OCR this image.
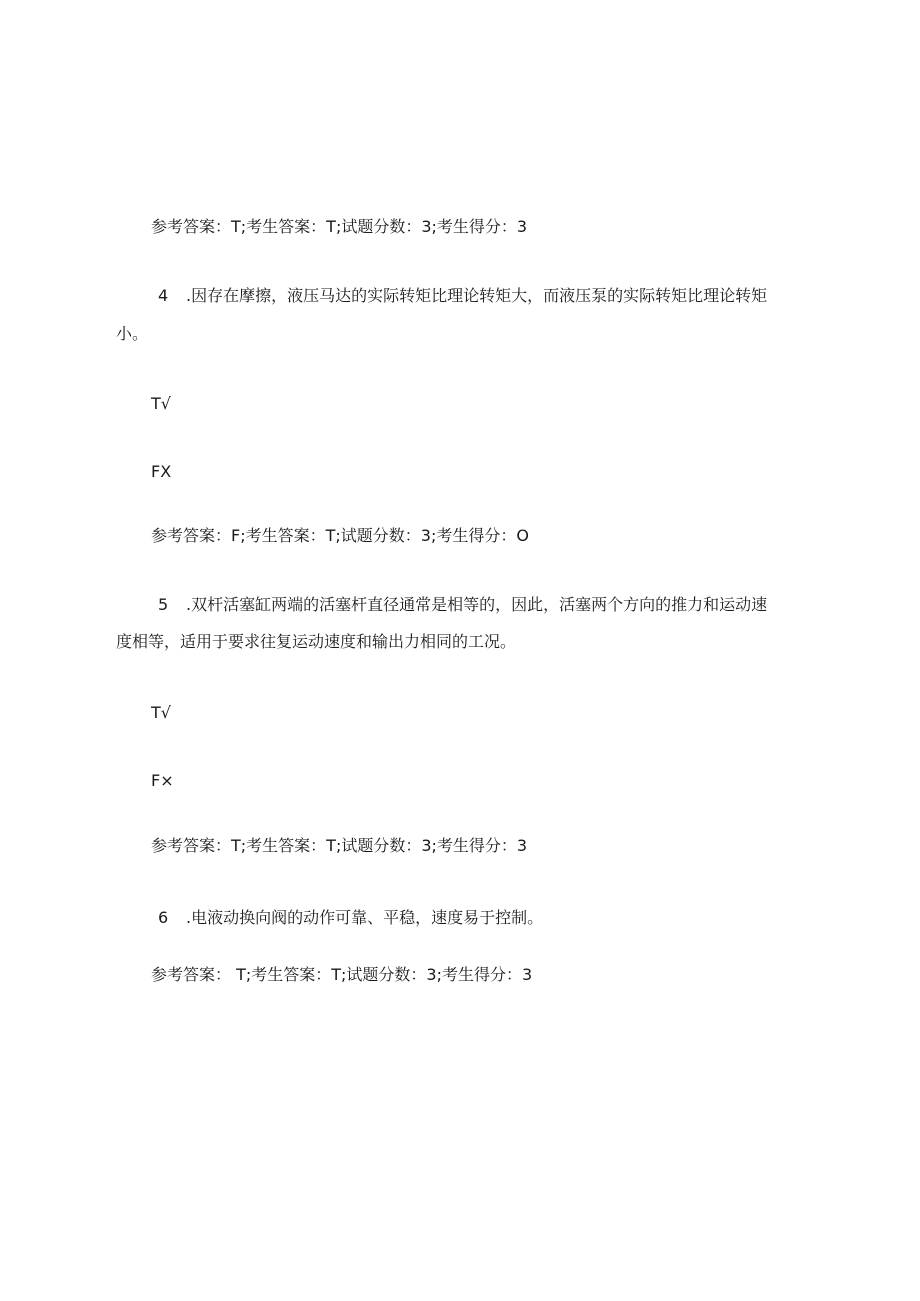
参考答案：T;考生答案：T;试题分数：3;考生得分：3
4 .因存在摩擦，液压马达的实际转矩比理论转矩大，而液压泵的实际转矩比理论转矩
小。
T√
FX
参考答案：F;考生答案：T;试题分数：3;考生得分：O
5 .双杆活塞缸两端的活塞杆直径通常是相等的，因此，活塞两个方向的推力和运动速
度相等，适用于要求往复运动速度和输出力相同的工况。
T√
F×
参考答案：T;考生答案：T;试题分数：3;考生得分：3
6 .电液动换向阀的动作可靠、平稳，速度易于控制。
参考答案： T;考生答案：T;试题分数：3;考生得分：3
